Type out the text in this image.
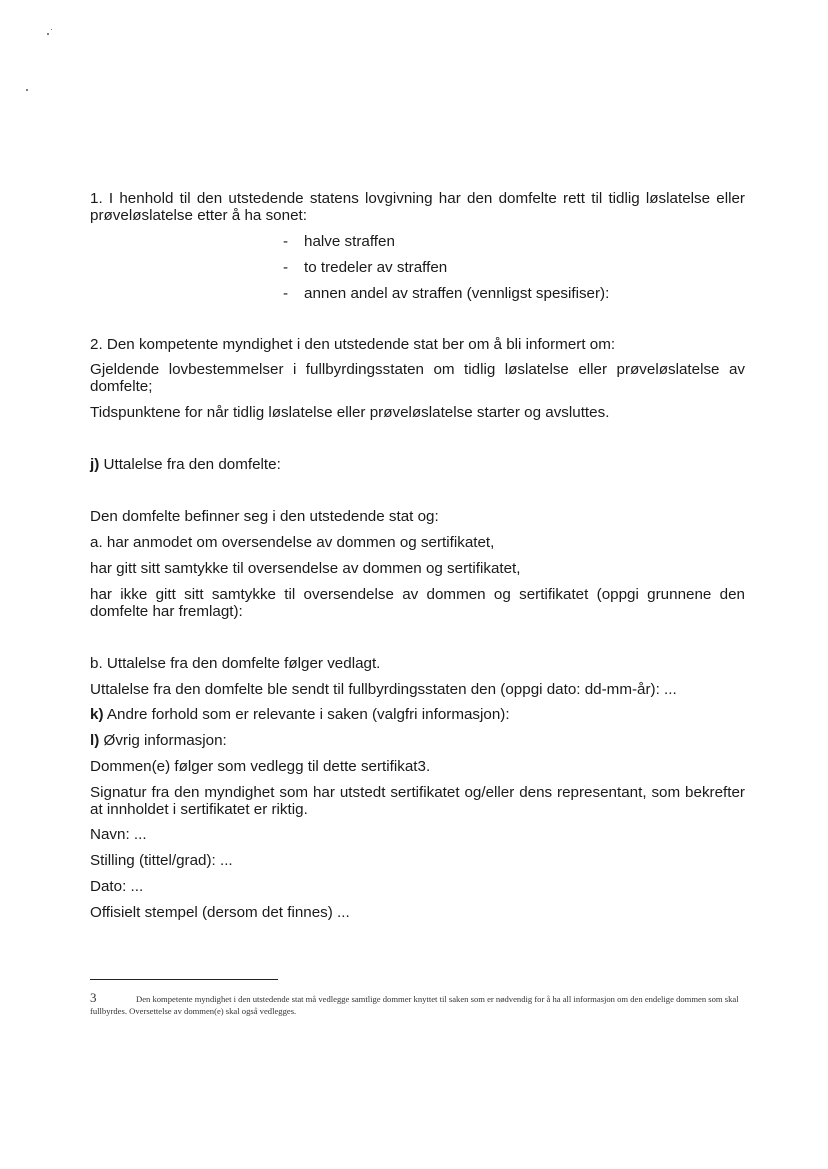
1. I henhold til den utstedende statens lovgivning har den domfelte rett til tidlig løslatelse eller prøveløslatelse etter å ha sonet:

- halve straffen
- to tredeler av straffen
- annen andel av straffen (vennligst spesifiser):

2. Den kompetente myndighet i den utstedende stat ber om å bli informert om:

Gjeldende lovbestemmelser i fullbyrdingsstaten om tidlig løslatelse eller prøveløslatelse av domfelte;

Tidspunktene for når tidlig løslatelse eller prøveløslatelse starter og avsluttes.

j) Uttalelse fra den domfelte:

Den domfelte befinner seg i den utstedende stat og:

a. har anmodet om oversendelse av dommen og sertifikatet,

har gitt sitt samtykke til oversendelse av dommen og sertifikatet,

har ikke gitt sitt samtykke til oversendelse av dommen og sertifikatet (oppgi grunnene den domfelte har fremlagt):

b. Uttalelse fra den domfelte følger vedlagt.

Uttalelse fra den domfelte ble sendt til fullbyrdingsstaten den (oppgi dato: dd-mm-år): ...

k) Andre forhold som er relevante i saken (valgfri informasjon):

l) Øvrig informasjon:

Dommen(e) følger som vedlegg til dette sertifikat3.

Signatur fra den myndighet som har utstedt sertifikatet og/eller dens representant, som bekrefter at innholdet i sertifikatet er riktig.

Navn: ...

Stilling (tittel/grad): ...

Dato: ...

Offisielt stempel (dersom det finnes) ...

3	Den kompetente myndighet i den utstedende stat må vedlegge samtlige dommer knyttet til saken som er nødvendig for å ha all informasjon om den endelige dommen som skal fullbyrdes. Oversettelse av dommen(e) skal også vedlegges.
